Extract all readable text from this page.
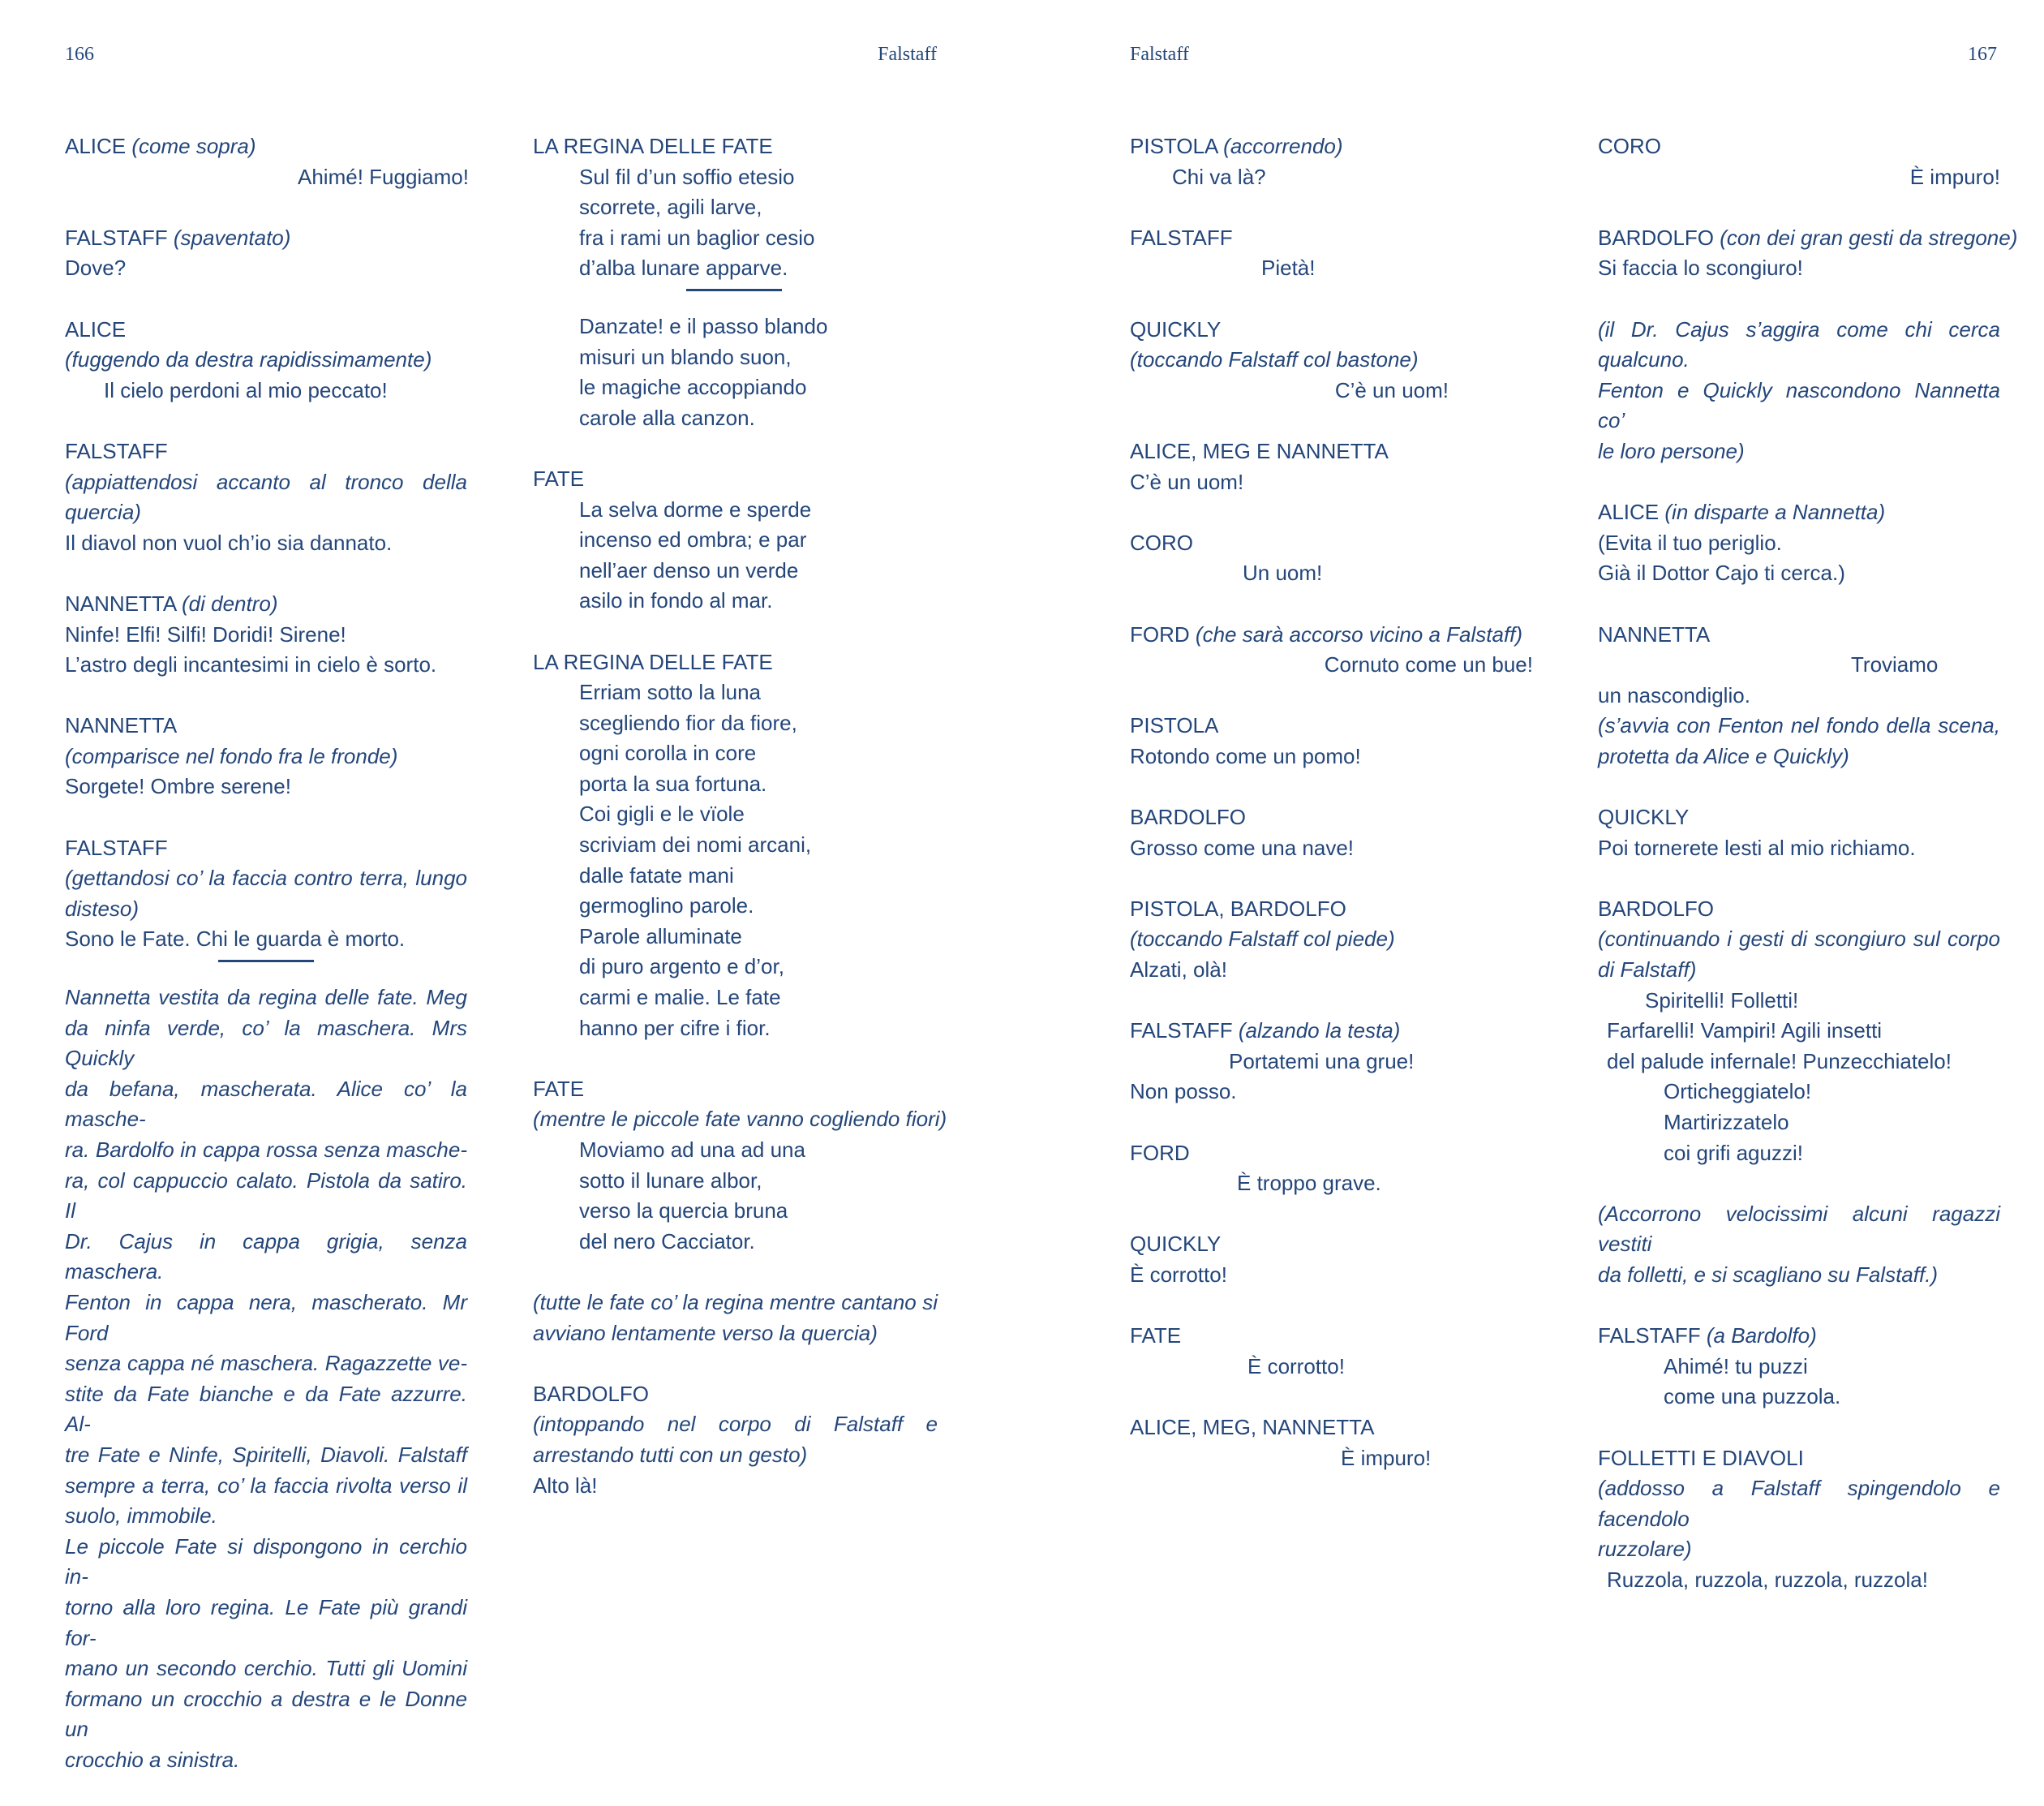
166	Falstaff
ALICE (come sopra)
Ahimé! Fuggiamo!
FALSTAFF (spaventato)
Dove?
ALICE
(fuggendo da destra rapidissimamente)
Il cielo perdoni al mio peccato!
FALSTAFF
(appiattendosi accanto al tronco della
quercia)
Il diavol non vuol ch’io sia dannato.
NANNETTA (di dentro)
Ninfe! Elfi! Silfi! Doridi! Sirene!
L’astro degli incantesimi in cielo è sorto.
NANNETTA
(comparisce nel fondo fra le fronde)
Sorgete! Ombre serene!
FALSTAFF
(gettandosi co’ la faccia contro terra, lungo
disteso)
Sono le Fate. Chi le guarda è morto.
Nannetta vestita da regina delle fate. Meg
da ninfa verde, co’ la maschera. Mrs Quickly
da befana, mascherata. Alice co’ la masche-
ra. Bardolfo in cappa rossa senza masche-
ra, col cappuccio calato. Pistola da satiro. Il
Dr. Cajus in cappa grigia, senza maschera.
Fenton in cappa nera, mascherato. Mr Ford
senza cappa né maschera. Ragazzette ve-
stite da Fate bianche e da Fate azzurre. Al-
tre Fate e Ninfe, Spiritelli, Diavoli. Falstaff
sempre a terra, co’ la faccia rivolta verso il
suolo, immobile.
Le piccole Fate si dispongono in cerchio in-
torno alla loro regina. Le Fate più grandi for-
mano un secondo cerchio. Tutti gli Uomini
formano un crocchio a destra e le Donne un
crocchio a sinistra.
LA REGINA DELLE FATE
Sul fil d’un soffio etesio
scorrete, agili larve,
fra i rami un baglior cesio
d’alba lunare apparve.
Danzate! e il passo blando
misuri un blando suon,
le magiche accoppiando
carole alla canzon.
FATE
La selva dorme e sperde
incenso ed ombra; e par
nell’aer denso un verde
asilo in fondo al mar.
LA REGINA DELLE FATE
Erriam sotto la luna
scegliendo fior da fiore,
ogni corolla in core
porta la sua fortuna.
Coi gigli e le vïole
scriviam dei nomi arcani,
dalle fatate mani
germoglino parole.
Parole alluminate
di puro argento e d’or,
carmi e malie. Le fate
hanno per cifre i fior.
FATE
(mentre le piccole fate vanno cogliendo fiori)
Moviamo ad una ad una
sotto il lunare albor,
verso la quercia bruna
del nero Cacciator.
(tutte le fate co’ la regina mentre cantano si
avviano lentamente verso la quercia)
BARDOLFO
(intoppando nel corpo di Falstaff e
arrestando tutti con un gesto)
Alto là!
Falstaff	167
PISTOLA (accorrendo)
Chi va là?
FALSTAFF
Pietà!
QUICKLY
(toccando Falstaff col bastone)
C’è un uom!
ALICE, MEG E NANNETTA
C’è un uom!
CORO
Un uom!
FORD (che sarà accorso vicino a Falstaff)
Cornuto come un bue!
PISTOLA
Rotondo come un pomo!
BARDOLFO
Grosso come una nave!
PISTOLA, BARDOLFO
(toccando Falstaff col piede)
Alzati, olà!
FALSTAFF (alzando la testa)
Portatemi una grue!
Non posso.
FORD
È troppo grave.
QUICKLY
È corrotto!
FATE
È corrotto!
ALICE, MEG, NANNETTA
È impuro!
CORO
È impuro!
BARDOLFO (con dei gran gesti da stregone)
Si faccia lo scongiuro!
(il Dr. Cajus s’aggira come chi cerca qualcuno.
Fenton e Quickly nascondono Nannetta co’
le loro persone)
ALICE (in disparte a Nannetta)
(Evita il tuo periglio.
Già il Dottor Cajo ti cerca.)
NANNETTA
Troviamo
un nascondiglio.
(s’avvia con Fenton nel fondo della scena,
protetta da Alice e Quickly)
QUICKLY
Poi tornerete lesti al mio richiamo.
BARDOLFO
(continuando i gesti di scongiuro sul corpo
di Falstaff)
Spiritelli! Folletti!
Farfarelli! Vampiri! Agili insetti
del palude infernale! Punzecchiatelo!
Orticheggiatelo!
Martirizzatelo
coi grifi aguzzi!
(Accorrono velocissimi alcuni ragazzi vestiti
da folletti, e si scagliano su Falstaff.)
FALSTAFF (a Bardolfo)
Ahimé! tu puzzi
come una puzzola.
FOLLETTI E DIAVOLI
(addosso a Falstaff spingendolo e facendolo
ruzzolare)
Ruzzola, ruzzola, ruzzola, ruzzola!
